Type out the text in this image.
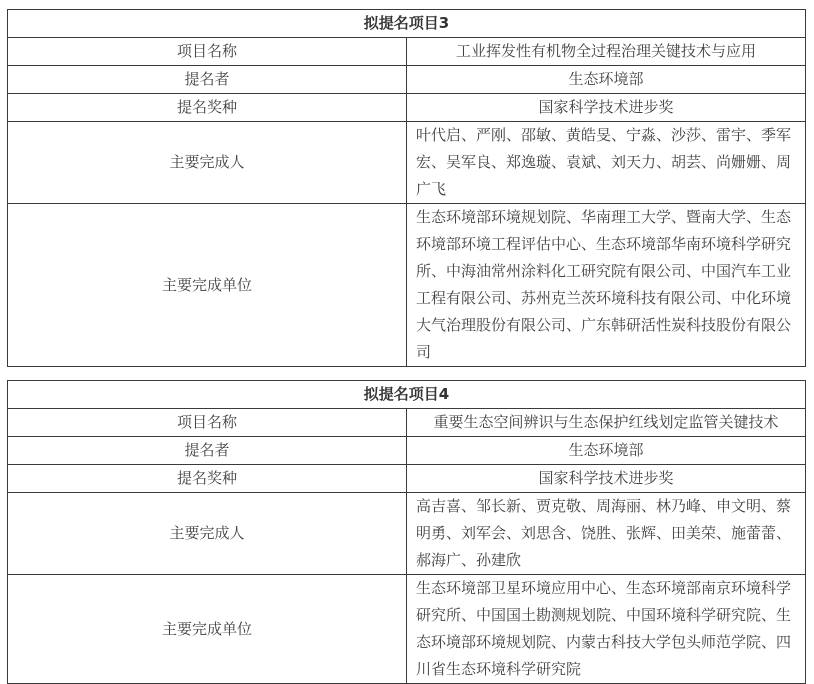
拟提名项目3	
项目名称	工业挥发性有机物全过程治理关键技术与应用
提名者	生态环境部
提名奖种	国家科学技术进步奖
主要完成人	叶代启、严刚、邵敏、黄皓旻、宁淼、沙莎、雷宇、季军宏、吴军良、郑逸璇、袁斌、刘天力、胡芸、尚姗姗、周广飞
主要完成单位	生态环境部环境规划院、华南理工大学、暨南大学、生态环境部环境工程评估中心、生态环境部华南环境科学研究所、中海油常州涂料化工研究院有限公司、中国汽车工业工程有限公司、苏州克兰茨环境科技有限公司、中化环境大气治理股份有限公司、广东韩研活性炭科技股份有限公司
拟提名项目4	
项目名称	重要生态空间辨识与生态保护红线划定监管关键技术
提名者	生态环境部
提名奖种	国家科学技术进步奖
主要完成人	高吉喜、邹长新、贾克敬、周海丽、林乃峰、申文明、蔡明勇、刘军会、刘思含、饶胜、张辉、田美荣、施蕾蕾、郝海广、孙建欣
主要完成单位	生态环境部卫星环境应用中心、生态环境部南京环境科学研究所、中国国土勘测规划院、中国环境科学研究院、生态环境部环境规划院、内蒙古科技大学包头师范学院、四川省生态环境科学研究院
